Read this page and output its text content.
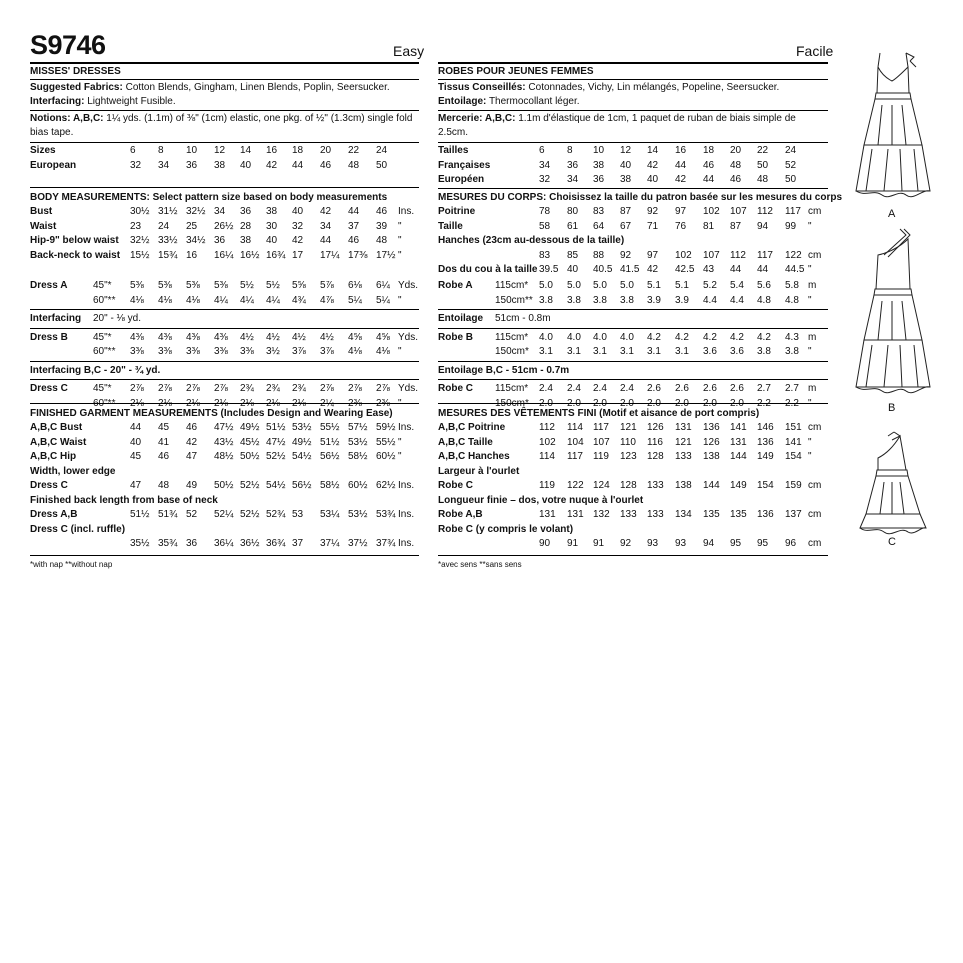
S9746	Easy	Facile
MISSES' DRESSES
Suggested Fabrics: Cotton Blends, Gingham, Linen Blends, Poplin, Seersucker.
Interfacing: Lightweight Fusible.
Notions: A,B,C: 1¼ yds. (1.1m) of ⅜" (1cm) elastic, one pkg. of ½" (1.3cm) single fold bias tape.
Sizes	6 8 10 12 14 16 18 20 22 24
European	32 34 36 38 40 42 44 46 48 50
BODY MEASUREMENTS: Select pattern size based on body measurements
Bust	30½ 31½ 32½ 34 36 38 40 42 44 46 Ins.
Waist	23 24 25 26½ 28 30 32 34 37 39 "
Hip-9" below waist 32½ 33½ 34½ 36 38 40 42 44 46 48 "
Back-neck to waist 15½ 15¾ 16 16¼ 16½ 16¾ 17 17¼ 17⅜ 17½ "
Dress A	45"* 5⅜ 5⅜ 5⅜ 5⅜ 5½ 5½ 5⅝ 5⅞ 6⅛ 6¼ Yds.
60"** 4⅛ 4⅛ 4⅛ 4¼ 4¼ 4¼ 4¾ 4⅞ 5¼ 5¼ "
Interfacing 20" - ⅛ yd.
Dress B	45"* 4⅜ 4⅜ 4⅜ 4⅜ 4½ 4½ 4½ 4½ 4⅝ 4⅝ Yds.
60"** 3⅜ 3⅜ 3⅜ 3⅜ 3⅜ 3½ 3⅞ 3⅞ 4⅛ 4⅛ "
Interfacing B,C - 20" - ¾ yd.
Dress C	45"* 2⅞ 2⅞ 2⅞ 2⅞ 2¾ 2¾ 2¾ 2⅞ 2⅞ 2⅞ Yds.
60"** 2⅛ 2⅛ 2⅛ 2⅛ 2⅛ 2⅛ 2⅛ 2¼ 2⅜ 2⅜ "
FINISHED GARMENT MEASUREMENTS (Includes Design and Wearing Ease)
A,B,C Bust	44 45 46 47½ 49½ 51½ 53½ 55½ 57½ 59½ Ins.
A,B,C Waist	40 41 42 43½ 45½ 47½ 49½ 51½ 53½ 55½ "
A,B,C Hip	45 46 47 48½ 50½ 52½ 54½ 56½ 58½ 60½ "
Width, lower edge
Dress C	47 48 49 50½ 52½ 54½ 56½ 58½ 60½ 62½ Ins.
Finished back length from base of neck
Dress A,B	51½ 51¾ 52 52¼ 52½ 52¾ 53 53¼ 53½ 53¾ Ins.
Dress C (incl. ruffle)
35½ 35¾ 36 36¼ 36½ 36¾ 37 37¼ 37½ 37¾ Ins.
*with nap **without nap
ROBES POUR JEUNES FEMMES
Tissus Conseillés: Cotonnades, Vichy, Lin mélangés, Popeline, Seersucker. Entoilage: Thermocollant léger.
Mercerie: A,B,C: 1.1m d'élastique de 1cm, 1 paquet de ruban de biais simple de 2.5cm.
Tailles	6 8 10 12 14 16 18 20 22 24
Françaises	34 36 38 40 42 44 46 48 50 52
Européen	32 34 36 38 40 42 44 46 48 50
MESURES DU CORPS: Choisissez la taille du patron basée sur les mesures du corps
Poitrine	78 80 83 87 92 97 102 107 112 117 cm
Taille	58 61 64 67 71 76 81 87 94 99 "
Hanches (23cm au-dessous de la taille)
83 85 88 92 97 102 107 112 117 122 cm
Dos du cou à la taille 39.5 40 40.5 41.5 42 42.5 43 44 44 44.5 "
Robe A 115cm* 5.0 5.0 5.0 5.0 5.1 5.1 5.2 5.4 5.6 5.8 m
150cm** 3.8 3.8 3.8 3.8 3.9 3.9 4.4 4.4 4.8 4.8 "
Entoilage 51cm - 0.8m
Robe B 115cm* 4.0 4.0 4.0 4.0 4.2 4.2 4.2 4.2 4.2 4.3 m
150cm* 3.1 3.1 3.1 3.1 3.1 3.1 3.6 3.6 3.8 3.8 "
Entoilage B,C - 51cm - 0.7m
Robe C 115cm* 2.4 2.4 2.4 2.4 2.6 2.6 2.6 2.6 2.7 2.7 m
150cm* 2.0 2.0 2.0 2.0 2.0 2.0 2.0 2.0 2.2 2.2 "
MESURES DES VÊTEMENTS FINI (Motif et aisance de port compris)
A,B,C Poitrine	112 114 117 121 126 131 136 141 146 151 cm
A,B,C Taille	102 104 107 110 116 121 126 131 136 141 "
A,B,C Hanches	114 117 119 123 128 133 138 144 149 154 "
Largeur à l'ourlet
Robe C	119 122 124 128 133 138 144 149 154 159 cm
Longueur finie – dos, votre nuque à l'ourlet
Robe A,B	131 131 132 133 133 134 135 135 136 137 cm
Robe C (y compris le volant)
90 91 91 92 93 93 94 95 95 96 cm
*avec sens **sans sens
A
B
C
